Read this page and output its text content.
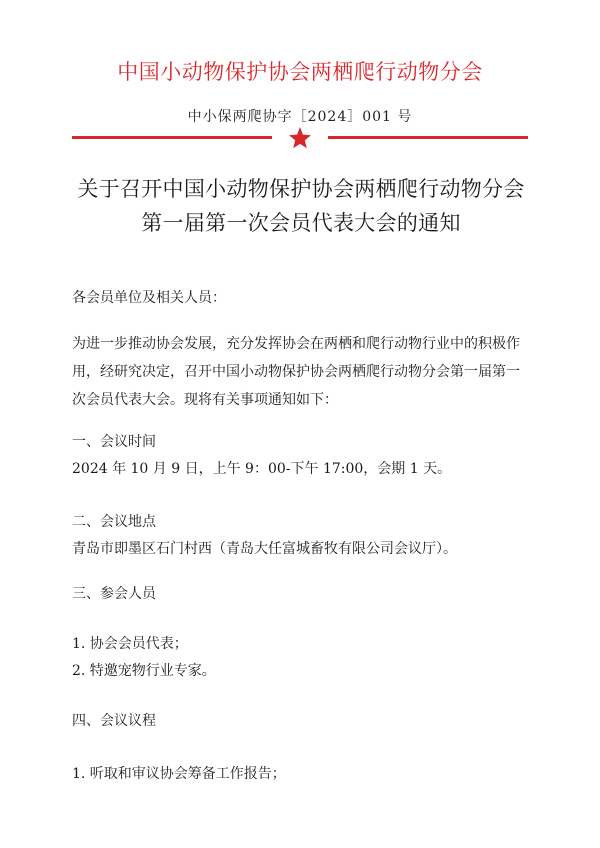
中国小动物保护协会两栖爬行动物分会
中小保两爬协字［2024］001 号
关于召开中国小动物保护协会两栖爬行动物分会第一届第一次会员代表大会的通知
各会员单位及相关人员：
为进一步推动协会发展，充分发挥协会在两栖和爬行动物行业中的积极作用，经研究决定，召开中国小动物保护协会两栖爬行动物分会第一届第一次会员代表大会。现将有关事项通知如下：
一、会议时间
2024 年 10 月 9 日，上午 9：00-下午 17:00，会期 1 天。
二、会议地点
青岛市即墨区石门村西（青岛大任富城畜牧有限公司会议厅）。
三、参会人员
1. 协会会员代表；
2. 特邀宠物行业专家。
四、会议议程
1. 听取和审议协会筹备工作报告；
